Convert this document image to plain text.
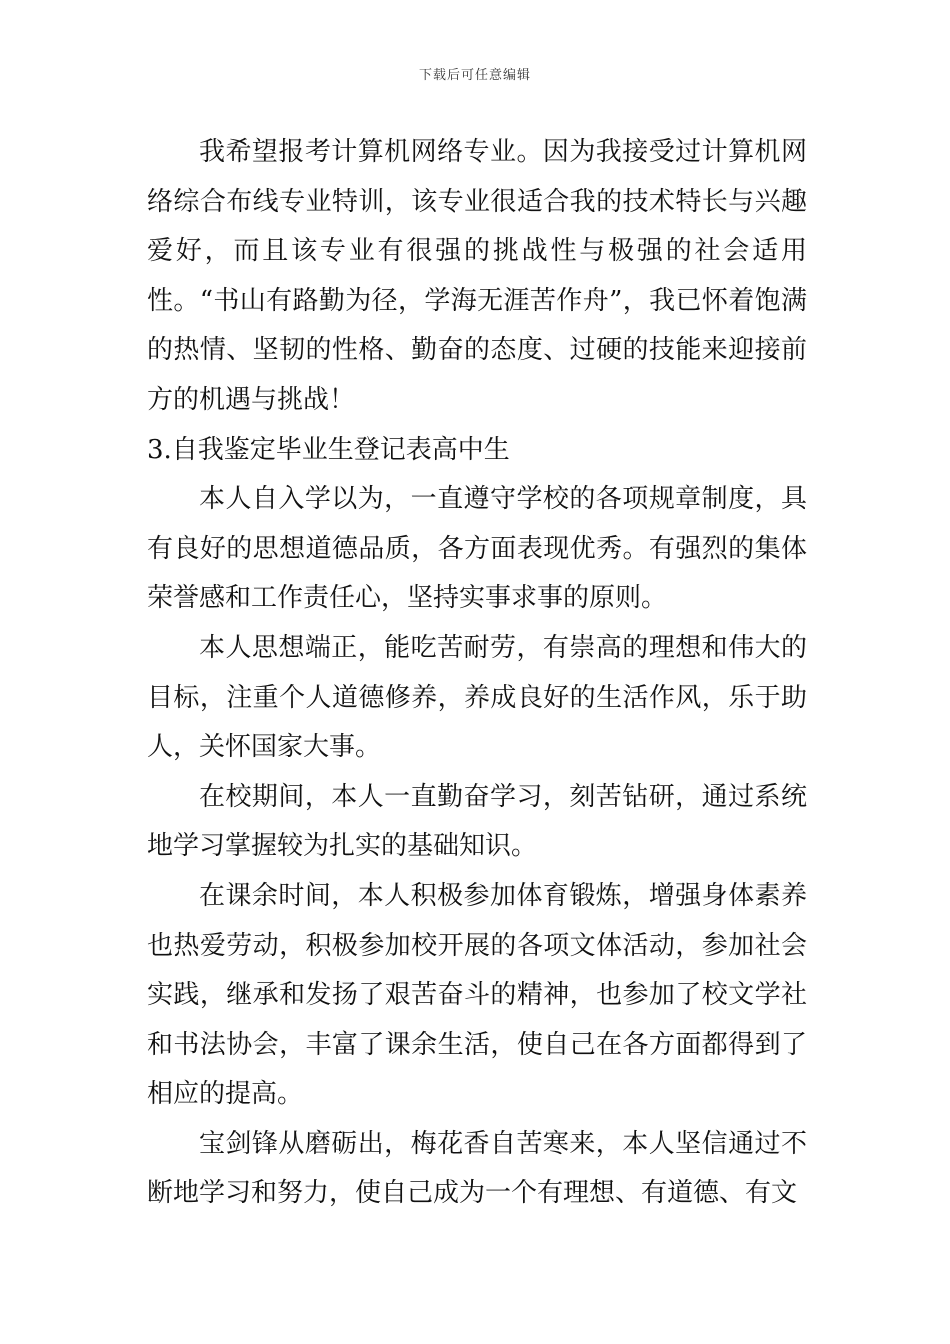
下载后可任意编辑

我希望报考计算机网络专业。因为我接受过计算机网络综合布线专业特训，该专业很适合我的技术特长与兴趣爱好，而且该专业有很强的挑战性与极强的社会适用性。“书山有路勤为径，学海无涯苦作舟”，我已怀着饱满的热情、坚韧的性格、勤奋的态度、过硬的技能来迎接前方的机遇与挑战！

3.自我鉴定毕业生登记表高中生

本人自入学以为，一直遵守学校的各项规章制度，具有良好的思想道德品质，各方面表现优秀。有强烈的集体荣誉感和工作责任心，坚持实事求事的原则。

本人思想端正，能吃苦耐劳，有崇高的理想和伟大的目标，注重个人道德修养，养成良好的生活作风，乐于助人，关怀国家大事。

在校期间，本人一直勤奋学习，刻苦钻研，通过系统地学习掌握较为扎实的基础知识。

在课余时间，本人积极参加体育锻炼，增强身体素养也热爱劳动，积极参加校开展的各项文体活动，参加社会实践，继承和发扬了艰苦奋斗的精神，也参加了校文学社和书法协会，丰富了课余生活，使自己在各方面都得到了相应的提高。

宝剑锋从磨砺出，梅花香自苦寒来，本人坚信通过不断地学习和努力，使自己成为一个有理想、有道德、有文
